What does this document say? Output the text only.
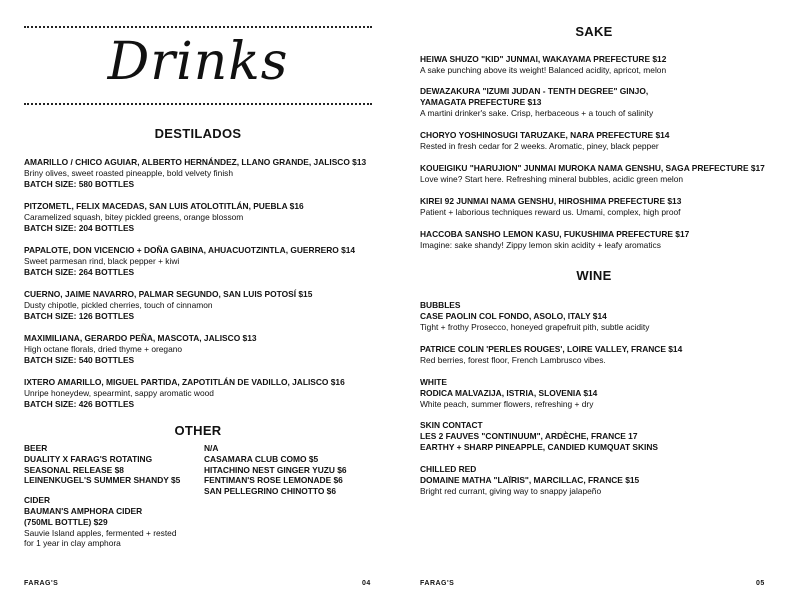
Drinks
DESTILADOS
AMARILLO / CHICO AGUIAR, ALBERTO HERNÁNDEZ, LLANO GRANDE, JALISCO $13
Briny olives, sweet roasted pineapple, bold velvety finish
BATCH SIZE: 580 BOTTLES
PITZOMETL, FELIX MACEDAS, SAN LUIS ATOLOTITLÁN, PUEBLA $16
Caramelized squash, bitey pickled greens, orange blossom
BATCH SIZE: 204 BOTTLES
PAPALOTE, DON VICENCIO + DOÑA GABINA, AHUACUOTZINTLA, GUERRERO $14
Sweet parmesan rind, black pepper + kiwi
BATCH SIZE: 264 BOTTLES
CUERNO, JAIME NAVARRO, PALMAR SEGUNDO, SAN LUIS POTOSÍ $15
Dusty chipotle, pickled cherries, touch of cinnamon
BATCH SIZE: 126 BOTTLES
MAXIMILIANA, GERARDO PEÑA, MASCOTA, JALISCO $13
High octane florals, dried thyme + oregano
BATCH SIZE: 540 BOTTLES
IXTERO AMARILLO, MIGUEL PARTIDA, ZAPOTITLÁN DE VADILLO, JALISCO $16
Unripe honeydew, spearmint, sappy aromatic wood
BATCH SIZE: 426 BOTTLES
OTHER
BEER
DUALITY X FARAG'S ROTATING
SEASONAL RELEASE $8
LEINENKUGEL'S SUMMER SHANDY $5
CIDER
BAUMAN'S AMPHORA CIDER
(750ML BOTTLE) $29
Sauvie Island apples, fermented + rested
for 1 year in clay amphora
N/A
CASAMARA CLUB COMO $5
HITACHINO NEST GINGER YUZU $6
FENTIMAN'S ROSE LEMONADE $6
SAN PELLEGRINO CHINOTTO $6
FARAG'S	04
SAKE
HEIWA SHUZO "KID" JUNMAI, WAKAYAMA PREFECTURE $12
A sake punching above its weight! Balanced acidity, apricot, melon
DEWAZAKURA "IZUMI JUDAN - TENTH DEGREE" GINJO,
YAMAGATA PREFECTURE $13
A martini drinker's sake. Crisp, herbaceous + a touch of salinity
CHORYO YOSHINOSUGI TARUZAKE, NARA PREFECTURE $14
Rested in fresh cedar for 2 weeks. Aromatic, piney, black pepper
KOUEIGIKU "HARUJION" JUNMAI MUROKA NAMA GENSHU, SAGA PREFECTURE $17
Love wine? Start here. Refreshing mineral bubbles, acidic green melon
KIREI 92 JUNMAI NAMA GENSHU, HIROSHIMA PREFECTURE $13
Patient + laborious techniques reward us. Umami, complex, high proof
HACCOBA SANSHO LEMON KASU, FUKUSHIMA PREFECTURE $17
Imagine: sake shandy! Zippy lemon skin acidity + leafy aromatics
WINE
BUBBLES
CASE PAOLIN COL FONDO, ASOLO, ITALY $14
Tight + frothy Prosecco, honeyed grapefruit pith, subtle acidity
PATRICE COLIN 'PERLES ROUGES', LOIRE VALLEY, FRANCE $14
Red berries, forest floor, French Lambrusco vibes.
WHITE
RODICA MALVAZIJA, ISTRIA, SLOVENIA $14
White peach, summer flowers, refreshing + dry
SKIN CONTACT
LES 2 FAUVES "CONTINUUM", ARDÈCHE, FRANCE 17
EARTHY + SHARP PINEAPPLE, CANDIED KUMQUAT SKINS
CHILLED RED
DOMAINE MATHA "LAÏRIS", MARCILLAC, FRANCE $15
Bright red currant, giving way to snappy jalapeño
FARAG'S	05
